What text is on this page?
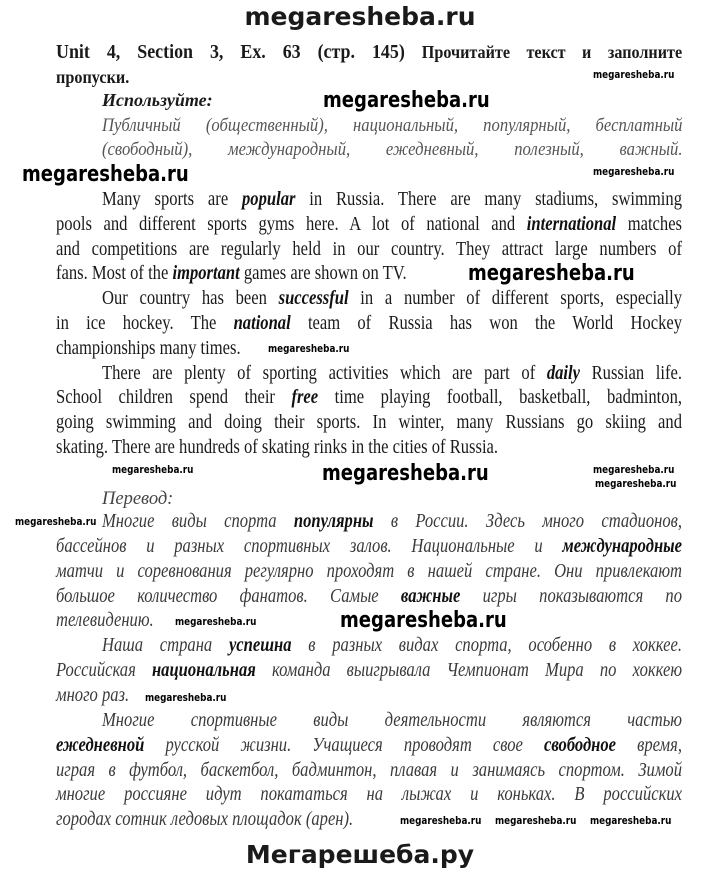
megaresheba.ru
Unit 4, Section 3, Ex. 63 (стр. 145) Прочитайте текст и заполните
пропуски.
Используйте:
Публичный (общественный), национальный, популярный, бесплатный
(свободный), международный, ежедневный, полезный, важный.
Many sports are popular in Russia. There are many stadiums, swimming
pools and different sports gyms here. A lot of national and international matches
and competitions are regularly held in our country. They attract large numbers of
fans. Most of the important games are shown on TV.
Our country has been successful in a number of different sports, especially
in ice hockey. The national team of Russia has won the World Hockey
championships many times.
There are plenty of sporting activities which are part of daily Russian life.
School children spend their free time playing football, basketball, badminton,
going swimming and doing their sports. In winter, many Russians go skiing and
skating. There are hundreds of skating rinks in the cities of Russia.
Перевод:
Многие виды спорта популярны в России. Здесь много стадионов,
бассейнов и разных спортивных залов. Национальные и международные
матчи и соревнования регулярно проходят в нашей стране. Они привлекают
большое количество фанатов. Самые важные игры показываются по
телевидению.
Наша страна успешна в разных видах спорта, особенно в хоккее.
Российская национальная команда выигрывала Чемпионат Мира по хоккею
много раз.
Многие спортивные виды деятельности являются частью
ежедневной русской жизни. Учащиеся проводят свое свободное время,
играя в футбол, баскетбол, бадминтон, плавая и занимаясь спортом. Зимой
многие россияне идут покататься на лыжах и коньках. В российских
городах сотник ледовых площадок (арен).
megaresheba.ru
megaresheba.ru
megaresheba.ru
megaresheba.ru
megaresheba.ru
megaresheba.ru
megaresheba.ru
megaresheba.ru
megaresheba.ru	megaresheba.ru
megaresheba.ru
megaresheba.ru
megaresheba.ru
megaresheba.ru
megaresheba.ru
megaresheba.ru megaresheba.ru
Мегарешеба.ру
